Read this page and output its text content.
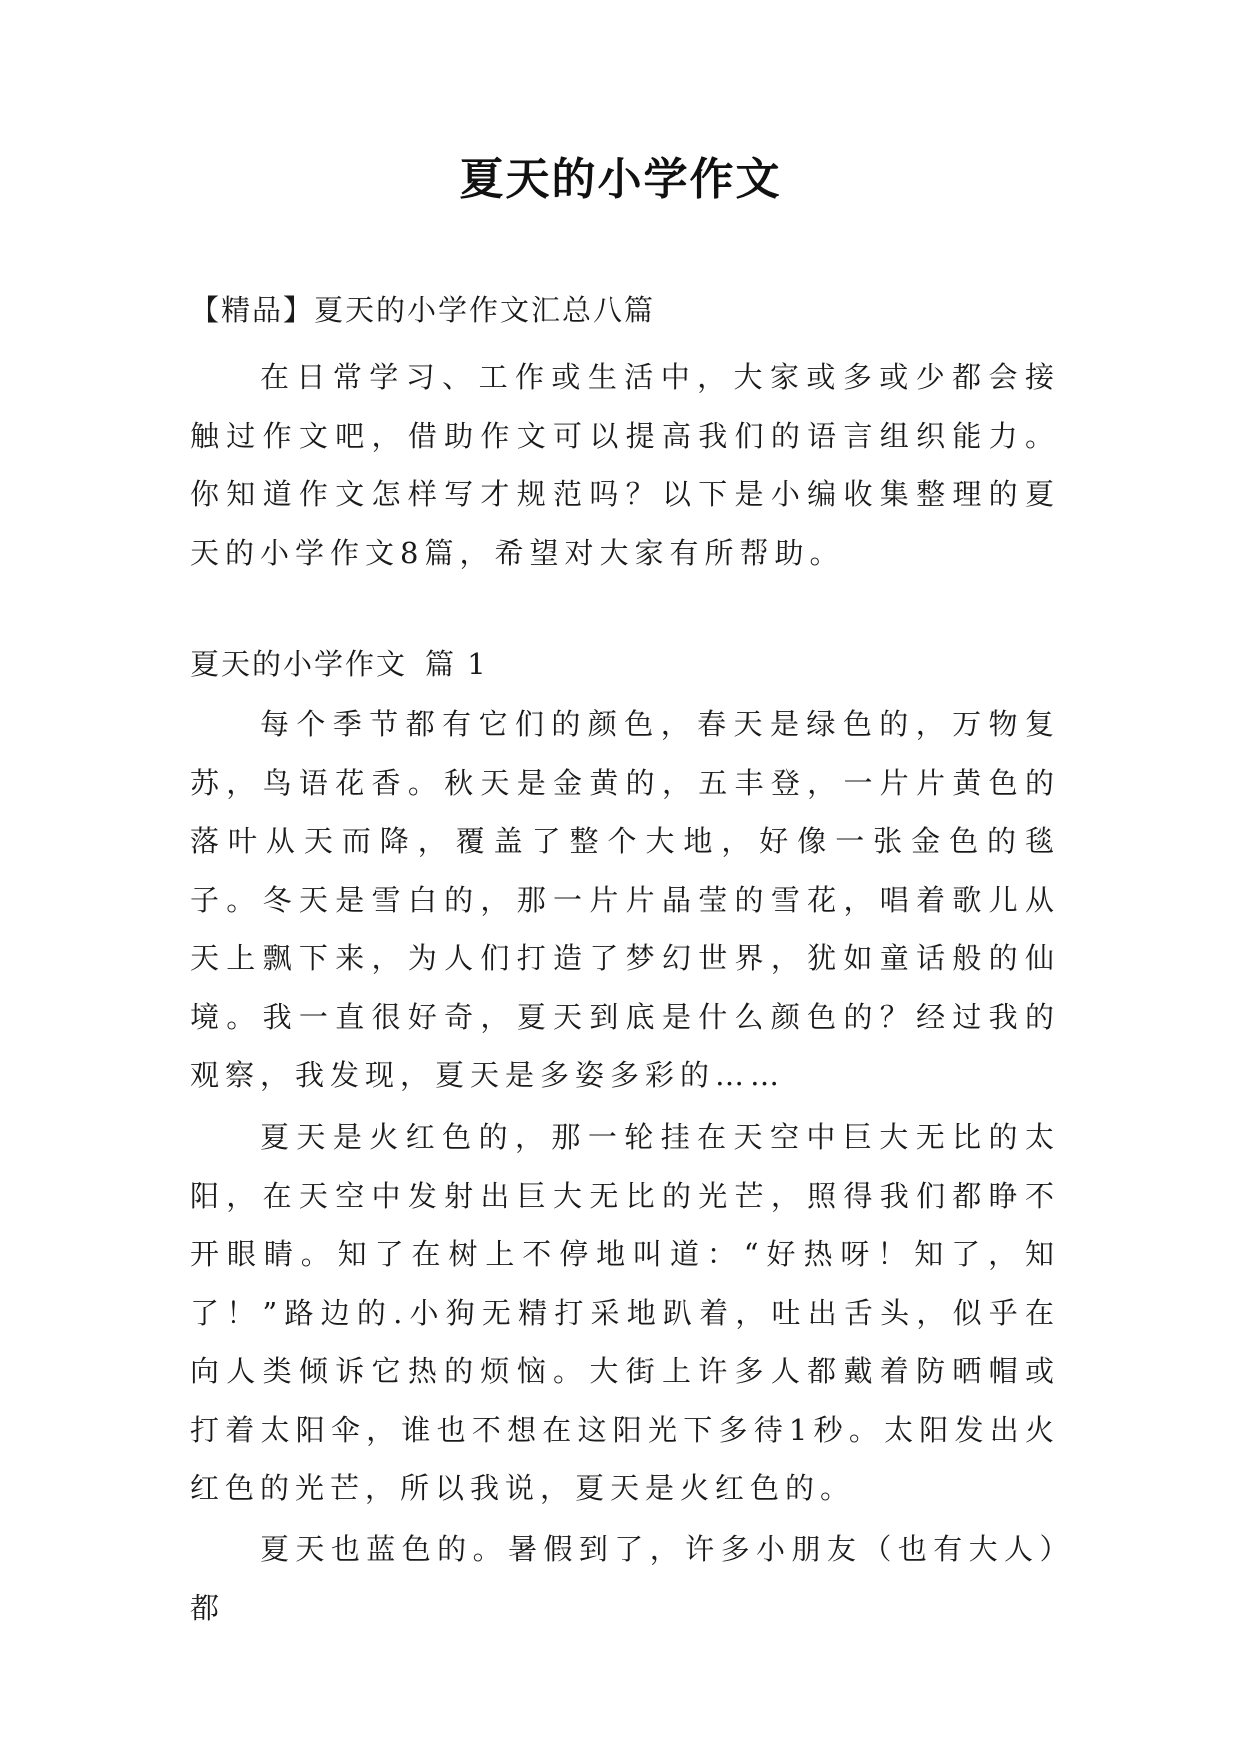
夏天的小学作文
【精品】夏天的小学作文汇总八篇

在日常学习、工作或生活中，大家或多或少都会接触过作文吧，借助作文可以提高我们的语言组织能力。你知道作文怎样写才规范吗？以下是小编收集整理的夏天的小学作文8篇，希望对大家有所帮助。

夏天的小学作文 篇 1

每个季节都有它们的颜色，春天是绿色的，万物复苏，鸟语花香。秋天是金黄的，五丰登，一片片黄色的落叶从天而降，覆盖了整个大地，好像一张金色的毯子。冬天是雪白的，那一片片晶莹的雪花，唱着歌儿从天上飘下来，为人们打造了梦幻世界，犹如童话般的仙境。我一直很好奇，夏天到底是什么颜色的？经过我的观察，我发现，夏天是多姿多彩的……

夏天是火红色的，那一轮挂在天空中巨大无比的太阳，在天空中发射出巨大无比的光芒，照得我们都睁不开眼睛。知了在树上不停地叫道：“好热呀！知了，知了！”路边的.小狗无精打采地趴着，吐出舌头，似乎在向人类倾诉它热的烦恼。大街上许多人都戴着防晒帽或打着太阳伞，谁也不想在这阳光下多待1秒。太阳发出火红色的光芒，所以我说，夏天是火红色的。

夏天也蓝色的。暑假到了，许多小朋友（也有大人）都
